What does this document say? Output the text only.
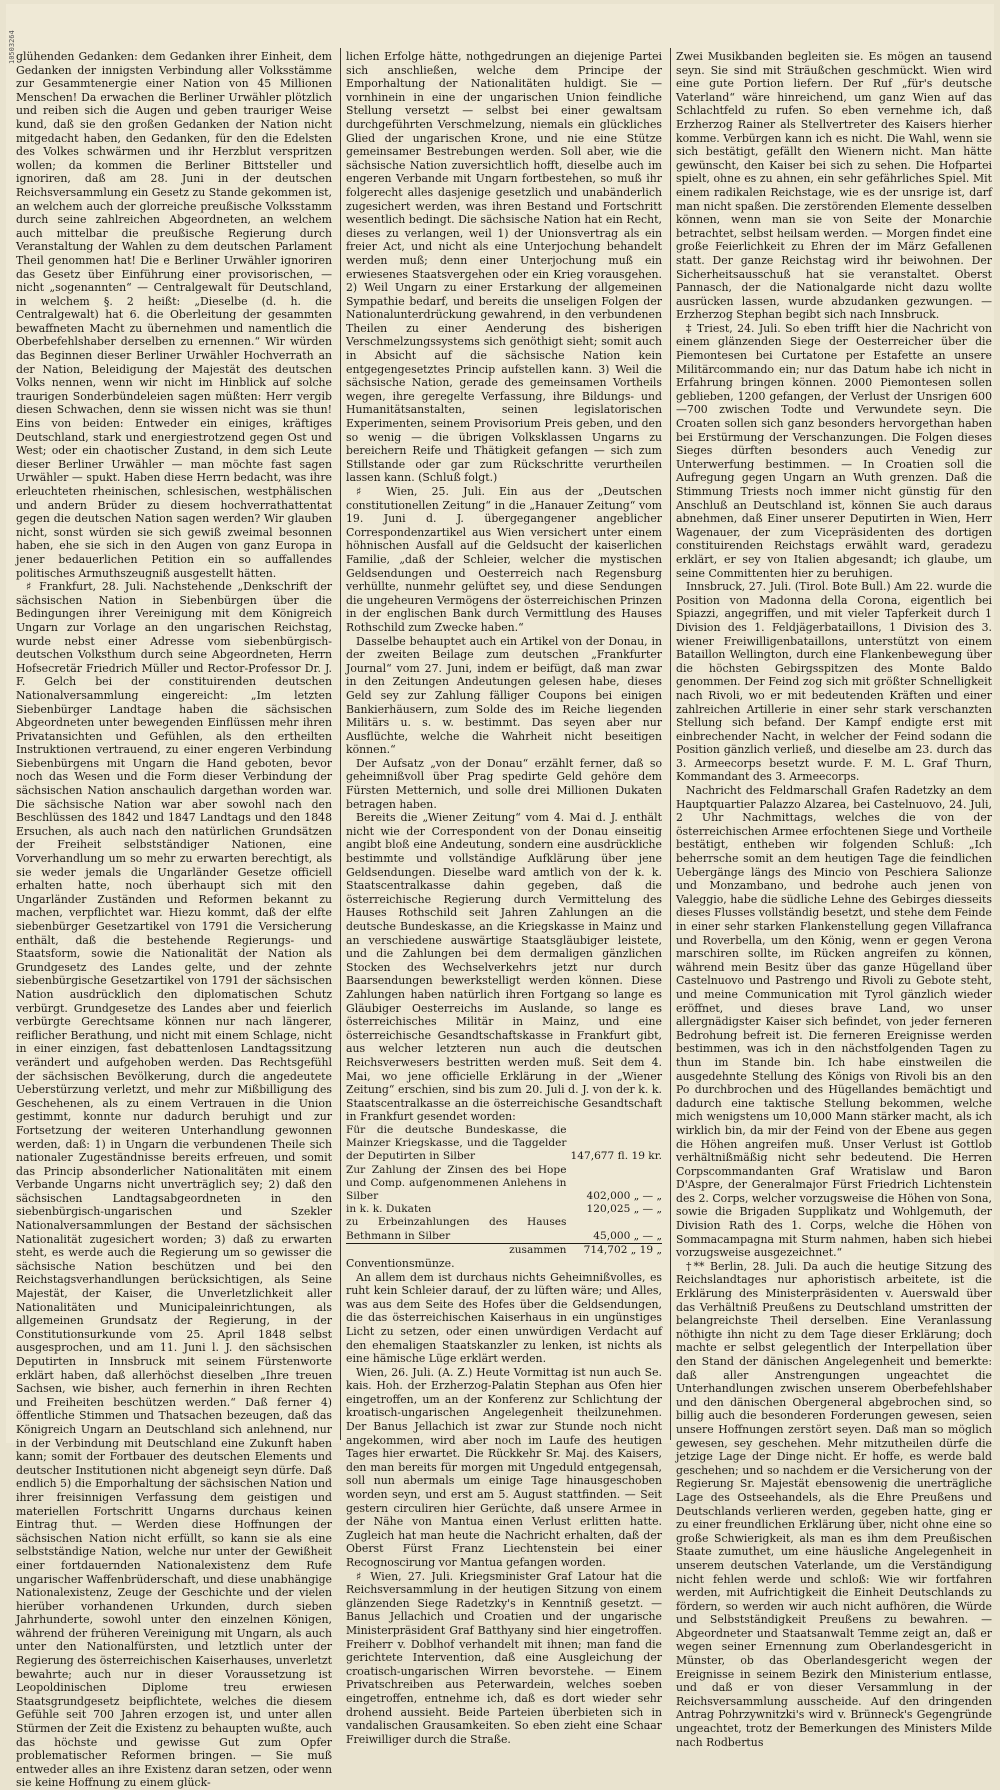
10503264 glühenden Gedanken: dem Gedanken ihrer Einheit, dem Gedanken der innigsten Verbindung aller Volksstämme zur Gesammtenergie einer Nation von 45 Millionen Menschen! Da erwachen die Berliner Urwähler plötzlich und reiben sich die Augen und geben trauriger Weise kund, daß sie den großen Gedanken der Nation nicht mitgedacht haben, den Gedanken, für den die Edelsten des Volkes schwärmen und ihr Herzblut verspritzen wollen; da kommen die Berliner Bittsteller und ignoriren, daß am 28. Juni in der deutschen Reichsversammlung ein Gesetz zu Stande gekommen ist, an welchem auch der glorreiche preußische Volksstamm durch seine zahlreichen Abgeordneten, an welchem auch mittelbar die preußische Regierung durch Veranstaltung der Wahlen zu dem deutschen Parlament Theil genommen hat! Die e Berliner Urwähler ignoriren das Gesetz über Einführung einer provisorischen, — nicht „sogenannten“ — Centralgewalt für Deutschland, in welchem §. 2 heißt: „Dieselbe (d. h. die Centralgewalt) hat 6. die Oberleitung der gesammten bewaffneten Macht zu übernehmen und namentlich die Oberbefehlshaber derselben zu ernennen.“ Wir würden das Beginnen dieser Berliner Urwähler Hochverrath an der Nation, Beleidigung der Majestät des deutschen Volks nennen, wenn wir nicht im Hinblick auf solche traurigen Sonderbündeleien sagen müßten: Herr vergib diesen Schwachen, denn sie wissen nicht was sie thun! Eins von beiden: Entweder ein einiges, kräftiges Deutschland, stark und energiestrotzend gegen Ost und West; oder ein chaotischer Zustand, in dem sich Leute dieser Berliner Urwähler — man möchte fast sagen Urwähler — spukt. Haben diese Herrn bedacht, was ihre erleuchteten rheinischen, schlesischen, westphälischen und andern Brüder zu diesem hochverrathattentat gegen die deutschen Nation sagen werden? Wir glauben nicht, sonst würden sie sich gewiß zweimal besonnen haben, ehe sie sich in den Augen von ganz Europa in jener bedauerlichen Petition ein so auffallendes politisches Armuthszeugniß ausgestellt hätten.

♯ Frankfurt, 28. Juli. Nachstehende „Denkschrift der sächsischen Nation in Siebenbürgen über die Bedingungen ihrer Vereinigung mit dem Königreich Ungarn zur Vorlage an den ungarischen Reichstag, wurde nebst einer Adresse vom siebenbürgisch-deutschen Volksthum durch seine Abgeordneten, Herrn Hofsecretär Friedrich Müller und Rector-Professor Dr. J. F. Gelch bei der constituirenden deutschen Nationalversammlung eingereicht: „Im letzten Siebenbürger Landtage haben die sächsischen Abgeordneten unter bewegenden Einflüssen mehr ihren Privatansichten und Gefühlen, als den ertheilten Instruktionen vertrauend, zu einer engeren Verbindung Siebenbürgens mit Ungarn die Hand geboten, bevor noch das Wesen und die Form dieser Verbindung der sächsischen Nation anschaulich dargethan worden war. Die sächsische Nation war aber sowohl nach den Beschlüssen des 1842 und 1847 Landtags und den 1848 Ersuchen, als auch nach den natürlichen Grundsätzen der Freiheit selbstständiger Nationen, eine Vorverhandlung um so mehr zu erwarten berechtigt, als sie weder jemals die Ungarländer Gesetze officiell erhalten hatte, noch überhaupt sich mit den Ungarländer Zuständen und Reformen bekannt zu machen, verpflichtet war. Hiezu kommt, daß der elfte siebenbürger Gesetzartikel von 1791 die Versicherung enthält, daß die bestehende Regierungs- und Staatsform, sowie die Nationalität der Nation als Grundgesetz des Landes gelte, und der zehnte siebenbürgische Gesetzartikel von 1791 der sächsischen Nation ausdrücklich den diplomatischen Schutz verbürgt. Grundgesetze des Landes aber und feierlich verbürgte Gerechtsame können nur nach längerer, reiflicher Berathung, und nicht mit einem Schlage, nicht in einer einzigen, fast debattenlosen Landtagssitzung verändert und aufgehoben werden. Das Rechtsgefühl der sächsischen Bevölkerung, durch die angedeutete Ueberstürzung verletzt, und mehr zur Mißbilligung des Geschehenen, als zu einem Vertrauen in die Union gestimmt, konnte nur dadurch beruhigt und zur Fortsetzung der weiteren Unterhandlung gewonnen werden, daß: 1) in Ungarn die verbundenen Theile sich nationaler Zugeständnisse bereits erfreuen, und somit das Princip absonderlicher Nationalitäten mit einem Verbande Ungarns nicht unverträglich sey; 2) daß den sächsischen Landtagsabgeordneten in den siebenbürgisch-ungarischen und Szekler Nationalversammlungen der Bestand der sächsischen Nationalität zugesichert worden; 3) daß zu erwarten steht, es werde auch die Regierung um so gewisser die sächsische Nation beschützen und bei den Reichstagsverhandlungen berücksichtigen, als Seine Majestät, der Kaiser, die Unverletzlichkeit aller Nationalitäten und Municipaleinrichtungen, als allgemeinen Grundsatz der Regierung, in der Constitutionsurkunde vom 25. April 1848 selbst ausgesprochen, und am 11. Juni l. J. den sächsischen Deputirten in Innsbruck mit seinem Fürstenworte erklärt haben, daß allerhöchst dieselben „Ihre treuen Sachsen, wie bisher, auch fernerhin in ihren Rechten und Freiheiten beschützen werden.“ Daß ferner 4) öffentliche Stimmen und Thatsachen bezeugen, daß das Königreich Ungarn an Deutschland sich anlehnend, nur in der Verbindung mit Deutschland eine Zukunft haben kann; somit der Fortbauer des deutschen Elements und deutscher Institutionen nicht abgeneigt seyn dürfe. Daß endlich 5) die Emporhaltung der sächsischen Nation und ihrer freisinnigen Verfassung dem geistigen und materiellen Fortschritt Ungarns durchaus keinen Eintrag thut. — Werden diese Hoffnungen der sächsischen Nation nicht erfüllt, so kann sie als eine selbstständige Nation, welche nur unter der Gewißheit einer fortdauernden Nationalexistenz dem Rufe ungarischer Waffenbrüderschaft, und diese unabhängige Nationalexistenz, Zeuge der Geschichte und der vielen hierüber vorhandenen Urkunden, durch sieben Jahrhunderte, sowohl unter den einzelnen Königen, während der früheren Vereinigung mit Ungarn, als auch unter den Nationalfürsten, und letztlich unter der Regierung des österreichischen Kaiserhauses, unverletzt bewahrte; auch nur in dieser Voraussetzung ist Leopoldinischen Diplome treu erwiesen Staatsgrundgesetz beipflichtete, welches die diesem Gefühle seit 700 Jahren erzogen ist, und unter allen Stürmen der Zeit die Existenz zu behaupten wußte, auch das höchste und gewisse Gut zum Opfer problematischer Reformen bringen. — Sie muß entweder alles an ihre Existenz daran setzen, oder wenn sie keine Hoffnung zu einem glück-

lichen Erfolge hätte, nothgedrungen an diejenige Partei sich anschließen, welche dem Principe der Emporhaltung der Nationalitäten huldigt. Sie — vornhinein in eine der ungarischen Union feindliche Stellung versetzt — selbst bei einer gewaltsam durchgeführten Verschmelzung, niemals ein glückliches Glied der ungarischen Krone, und nie eine Stütze gemeinsamer Bestrebungen werden. Soll aber, wie die sächsische Nation zuversichtlich hofft, dieselbe auch im engeren Verbande mit Ungarn fortbestehen, so muß ihr folgerecht alles dasjenige gesetzlich und unabänderlich zugesichert werden, was ihren Bestand und Fortschritt wesentlich bedingt. Die sächsische Nation hat ein Recht, dieses zu verlangen, weil 1) der Unionsvertrag als ein freier Act, und nicht als eine Unterjochung behandelt werden muß; denn einer Unterjochung muß ein erwiesenes Staatsvergehen oder ein Krieg vorausgehen. 2) Weil Ungarn zu einer Erstarkung der allgemeinen Sympathie bedarf, und bereits die unseligen Folgen der Nationalunterdrückung gewahrend, in den verbundenen Theilen zu einer Aenderung des bisherigen Verschmelzungssystems sich genöthigt sieht; somit auch in Absicht auf die sächsische Nation kein entgegengesetztes Princip aufstellen kann. 3) Weil die sächsische Nation, gerade des gemeinsamen Vortheils wegen, ihre geregelte Verfassung, ihre Bildungs- und Humanitätsanstalten, seinen legislatorischen Experimenten, seinem Provisorium Preis geben, und den so wenig — die übrigen Volksklassen Ungarns zu bereichern Reife und Thätigkeit gefangen — sich zum Stillstande oder gar zum Rückschritte verurtheilen lassen kann. (Schluß folgt.)

♯ Wien, 25. Juli. Ein aus der „Deutschen constitutionellen Zeitung“ in die „Hanauer Zeitung“ vom 19. Juni d. J. übergegangener angeblicher Correspondenzartikel aus Wien versichert unter einem höhnischen Ausfall auf die Geldsucht der kaiserlichen Familie, „daß der Schleier, welcher die mystischen Geldsendungen und Oesterreich nach Regensburg verhüllte, nunmehr gelüftet sey, und diese Sendungen die ungeheuren Vermögens der österreichischen Prinzen in der englischen Bank durch Vermittlung des Hauses Rothschild zum Zwecke haben.“

Dasselbe behauptet auch ein Artikel von der Donau, in der zweiten Beilage zum deutschen „Frankfurter Journal“ vom 27. Juni, indem er beifügt, daß man zwar in den Zeitungen Andeutungen gelesen habe, dieses Geld sey zur Zahlung fälliger Coupons bei einigen Bankierhäusern, zum Solde des im Reiche liegenden Militärs u. s. w. bestimmt. Das seyen aber nur Ausflüchte, welche die Wahrheit nicht beseitigen können.“

Der Aufsatz „von der Donau“ erzählt ferner, daß so geheimnißvoll über Prag spedirte Geld gehöre dem Fürsten Metternich, und solle drei Millionen Dukaten betragen haben.

Bereits die „Wiener Zeitung“ vom 4. Mai d. J. enthält nicht wie der Correspondent von der Donau einseitig angibt bloß eine Andeutung, sondern eine ausdrückliche bestimmte und vollständige Aufklärung über jene Geldsendungen. Dieselbe ward amtlich von der k. k. Staatscentralkasse dahin gegeben, daß die österreichische Regierung durch Vermittelung des Hauses Rothschild seit Jahren Zahlungen an die deutsche Bundeskasse, an die Kriegskasse in Mainz und an verschiedene auswärtige Staatsgläubiger leistete, und die Zahlungen bei dem dermaligen gänzlichen Stocken des Wechselverkehrs jetzt nur durch Baarsendungen bewerkstelligt werden können. Diese Zahlungen haben natürlich ihren Fortgang so lange es Gläubiger Oesterreichs im Auslande, so lange es österreichisches Militär in Mainz, und eine österreichische Gesandtschaftskasse in Frankfurt gibt, aus welcher letzteren nun auch die deutschen Reichsverwesers bestritten werden muß. Seit dem 4. Mai, wo jene officielle Erklärung in der „Wiener Zeitung“ erschien, sind bis zum 20. Juli d. J. von der k. k. Staatscentralkasse an die österreichische Gesandtschaft in Frankfurt gesendet worden:

Für die deutsche Bundeskasse, die Mainzer Kriegskasse, und die Taggelder der Deputirten in Silber	147,677 fl. 19 kr.
Zur Zahlung der Zinsen des bei Hope und Comp. aufgenommenen Anlehens in Silber	402,000 „ — „
in k. k. Dukaten	120,025 „ — „
zu Erbeinzahlungen des Hauses Bethmann in Silber	45,000 „ — „
zusammen	714,702 „ 19 „

Conventionsmünze.

An allem dem ist durchaus nichts Geheimnißvolles, es ruht kein Schleier darauf, der zu lüften wäre; und Alles, was aus dem Seite des Hofes über die Geldsendungen, die das österreichischen Kaiserhaus in ein ungünstiges Licht zu setzen, oder einen unwürdigen Verdacht auf den ehemaligen Staatskanzler zu lenken, ist nichts als eine hämische Lüge erklärt werden.

Wien, 26. Juli. (A. Z.) Heute Vormittag ist nun auch Se. kais. Hoh. der Erzherzog-Palatin Stephan aus Ofen hier eingetroffen, um an der Konferenz zur Schlichtung der kroatisch-ungarischen Angelegenheit theilzunehmen. Der Banus Jellachich ist zwar zur Stunde noch nicht angekommen, wird aber noch im Laufe des heutigen Tages hier erwartet. Die Rückkehr Sr. Maj. des Kaisers, den man bereits für morgen mit Ungeduld entgegensah, soll nun abermals um einige Tage hinausgeschoben worden seyn, und erst am 5. August stattfinden. — Seit gestern circuliren hier Gerüchte, daß unsere Armee in der Nähe von Mantua einen Verlust erlitten hatte. Zugleich hat man heute die Nachricht erhalten, daß der Oberst Fürst Franz Liechtenstein bei einer Recognoscirung vor Mantua gefangen worden.

♯ Wien, 27. Juli. Kriegsminister Graf Latour hat die Reichsversammlung in der heutigen Sitzung von einem glänzenden Siege Radetzky's in Kenntniß gesetzt. — Banus Jellachich und Croatien und der ungarische Ministerpräsident Graf Batthyany sind hier eingetroffen. Freiherr v. Doblhof verhandelt mit ihnen; man fand die gerichtete Intervention, daß eine Ausgleichung der croatisch-ungarischen Wirren bevorstehe. — Einem Privatschreiben aus Peterwardein, welches soeben eingetroffen, entnehme ich, daß es dort wieder sehr drohend aussieht. Beide Parteien überbieten sich in vandalischen Grausamkeiten. So eben zieht eine Schaar Freiwilliger durch die Straße.

Zwei Musikbanden begleiten sie. Es mögen an tausend seyn. Sie sind mit Sträußchen geschmückt. Wien wird eine gute Portion liefern. Der Ruf „für's deutsche Vaterland“ wäre hinreichend, um ganz Wien auf das Schlachtfeld zu rufen. So eben vernehme ich, daß Erzherzog Rainer als Stellvertreter des Kaisers hierher komme. Verbürgen kann ich es nicht. Die Wahl, wenn sie sich bestätigt, gefällt den Wienern nicht. Man hätte gewünscht, den Kaiser bei sich zu sehen. Die Hofpartei spielt, ohne es zu ahnen, ein sehr gefährliches Spiel. Mit einem radikalen Reichstage, wie es der unsrige ist, darf man nicht spaßen. Die zerstörenden Elemente desselben können, wenn man sie von Seite der Monarchie betrachtet, selbst heilsam werden. — Morgen findet eine große Feierlichkeit zu Ehren der im März Gefallenen statt. Der ganze Reichstag wird ihr beiwohnen. Der Sicherheitsausschuß hat sie veranstaltet. Oberst Pannasch, der die Nationalgarde nicht dazu wollte ausrücken lassen, wurde abzudanken gezwungen. — Erzherzog Stephan begibt sich nach Innsbruck.

‡ Triest, 24. Juli. So eben trifft hier die Nachricht von einem glänzenden Siege der Oesterreicher über die Piemontesen bei Curtatone per Estafette an unsere Militärcommando ein; nur das Datum habe ich nicht in Erfahrung bringen können. 2000 Piemontesen sollen geblieben, 1200 gefangen, der Verlust der Unsrigen 600—700 zwischen Todte und Verwundete seyn. Die Croaten sollen sich ganz besonders hervorgethan haben bei Erstürmung der Verschanzungen. Die Folgen dieses Sieges dürften besonders auch Venedig zur Unterwerfung bestimmen. — In Croatien soll die Aufregung gegen Ungarn an Wuth grenzen. Daß die Stimmung Triests noch immer nicht günstig für den Anschluß an Deutschland ist, können Sie auch daraus abnehmen, daß Einer unserer Deputirten in Wien, Herr Wagenauer, der zum Vicepräsidenten des dortigen constituirenden Reichstags erwählt ward, geradezu erklärt, er sey von Italien abgesandt; ich glaube, um seine Committenten hier zu beruhigen.

Innsbruck, 27. Juli. (Tirol. Bote Bull.) Am 22. wurde die Position von Madonna della Corona, eigentlich bei Spiazzi, angegriffen, und mit vieler Tapferkeit durch 1 Division des 1. Feldjägerbataillons, 1 Division des 3. wiener Freiwilligenbataillons, unterstützt von einem Bataillon Wellington, durch eine Flankenbewegung über die höchsten Gebirgsspitzen des Monte Baldo genommen. Der Feind zog sich mit größter Schnelligkeit nach Rivoli, wo er mit bedeutenden Kräften und einer zahlreichen Artillerie in einer sehr stark verschanzten Stellung sich befand. Der Kampf endigte erst mit einbrechender Nacht, in welcher der Feind sodann die Position gänzlich verließ, und dieselbe am 23. durch das 3. Armeecorps besetzt wurde. F. M. L. Graf Thurn, Kommandant des 3. Armeecorps.

Nachricht des Feldmarschall Grafen Radetzky an dem Hauptquartier Palazzo Alzarea, bei Castelnuovo, 24. Juli, 2 Uhr Nachmittags, welches die von der österreichischen Armee erfochtenen Siege und Vortheile bestätigt, entheben wir folgenden Schluß: „Ich beherrsche somit an dem heutigen Tage die feindlichen Uebergänge längs des Mincio von Peschiera Salionze und Monzambano, und bedrohe auch jenen von Valeggio, habe die südliche Lehne des Gebirges diesseits dieses Flusses vollständig besetzt, und stehe dem Feinde in einer sehr starken Flankenstellung gegen Villafranca und Roverbella, um den König, wenn er gegen Verona marschiren sollte, im Rücken angreifen zu können, während mein Besitz über das ganze Hügelland über Castelnuovo und Pastrengo und Rivoli zu Gebote steht, und meine Communication mit Tyrol gänzlich wieder eröffnet, und dieses brave Land, wo unser allergnädigster Kaiser sich befindet, von jeder ferneren Bedrohung befreit ist. Die ferneren Ereignisse werden bestimmen, was ich in den nächstfolgenden Tagen zu thun im Stande bin. Ich habe einstweilen die ausgedehnte Stellung des Königs von Rivoli bis an den Po durchbrochen und des Hügellandes bemächtigt und dadurch eine taktische Stellung bekommen, welche mich wenigstens um 10,000 Mann stärker macht, als ich wirklich bin, da mir der Feind von der Ebene aus gegen die Höhen angreifen muß. Unser Verlust ist Gottlob verhältnißmäßig nicht sehr bedeutend. Die Herren Corpscommandanten Graf Wratislaw und Baron D'Aspre, der Generalmajor Fürst Friedrich Lichtenstein des 2. Corps, welcher vorzugsweise die Höhen von Sona, sowie die Brigaden Supplikatz und Wohlgemuth, der Division Rath des 1. Corps, welche die Höhen von Sommacampagna mit Sturm nahmen, haben sich hiebei vorzugsweise ausgezeichnet.“

†** Berlin, 28. Juli. Da auch die heutige Sitzung des Reichslandtages nur aphoristisch arbeitete, ist die Erklärung des Ministerpräsidenten v. Auerswald über das Verhältniß Preußens zu Deutschland umstritten der belangreichste Theil derselben. Eine Veranlassung nöthigte ihn nicht zu dem Tage dieser Erklärung; doch machte er selbst gelegentlich der Interpellation über den Stand der dänischen Angelegenheit und bemerkte: daß aller Anstrengungen ungeachtet die Unterhandlungen zwischen unserem Oberbefehlshaber und den dänischen Obergeneral abgebrochen sind, so billig auch die besonderen Forderungen gewesen, seien unsere Hoffnungen zerstört seyen. Daß man so möglich gewesen, sey geschehen. Mehr mitzutheilen dürfe die jetzige Lage der Dinge nicht. Er hoffe, es werde bald geschehen; und so nachdem er die Versicherung von der Regierung Sr. Majestät ebensowenig die unerträgliche Lage des Ostseehandels, als die Ehre Preußens und Deutschlands verlieren werden, gegeben hatte, ging er zu einer freundlichen Erklärung über, nicht ohne eine so große Schwierigkeit, als man es ihm dem Preußischen Staate zumuthet, um eine häusliche Angelegenheit in unserem deutschen Vaterlande, um die Verständigung nicht fehlen werde und schloß: Wie wir fortfahren werden, mit Aufrichtigkeit die Einheit Deutschlands zu fördern, so werden wir auch nicht aufhören, die Würde und Selbstständigkeit Preußens zu bewahren. — Abgeordneter und Staatsanwalt Temme zeigt an, daß er wegen seiner Ernennung zum Oberlandesgericht in Münster, ob das Oberlandesgericht wegen der Ereignisse in seinem Bezirk den Ministerium entlasse, und daß er von dieser Versammlung in der Reichsversammlung ausscheide. Auf den dringenden Antrag Pohrzywnitzki's wird v. Brünneck's Gegengründe ungeachtet, trotz der Bemerkungen des Ministers Milde nach Rodbertus
